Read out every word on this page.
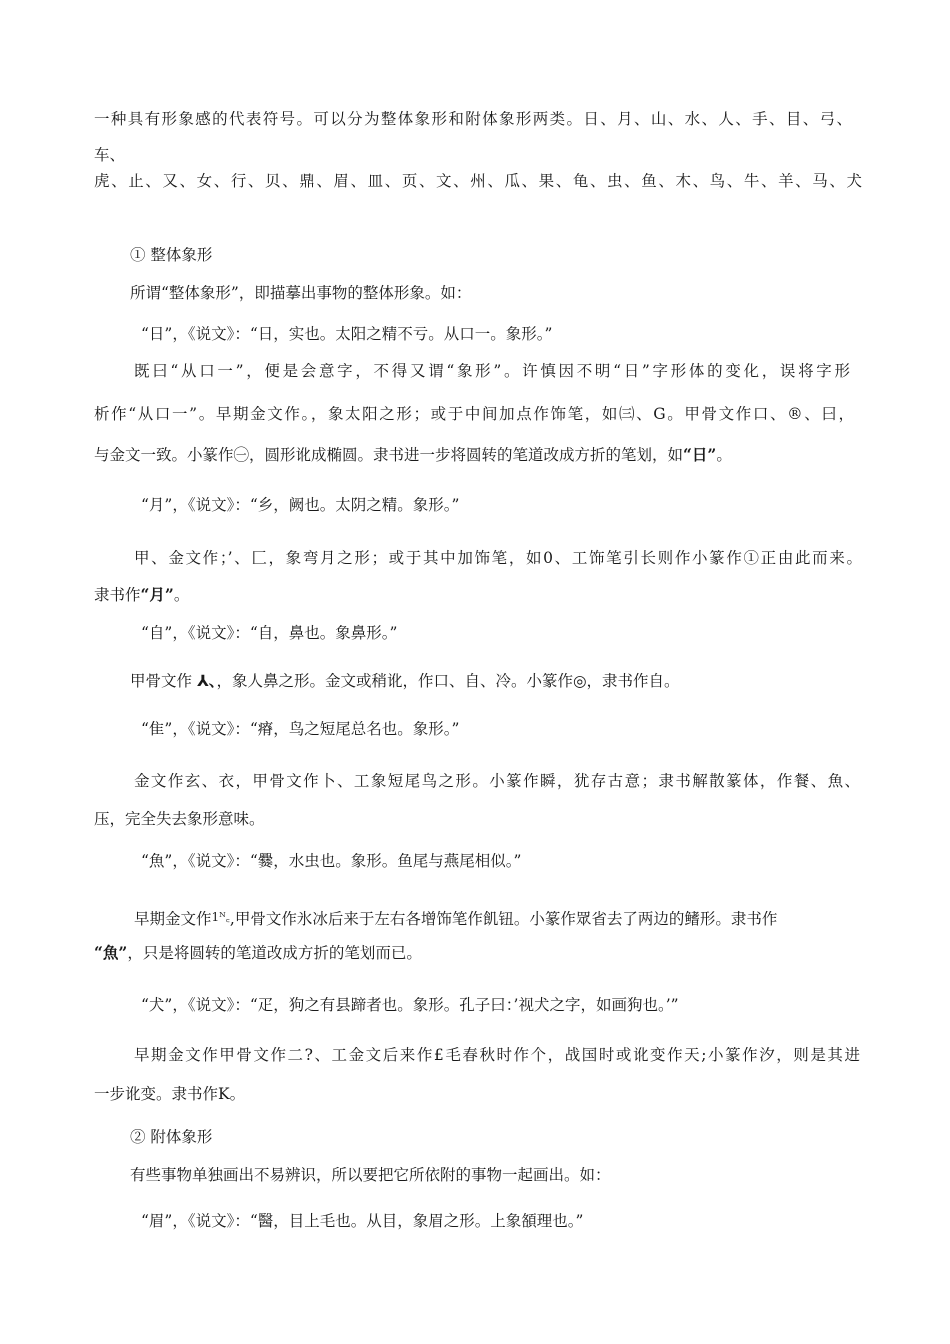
一种具有形象感的代表符号。可以分为整体象形和附体象形两类。日、月、山、水、人、手、目、弓、
车、
虎、止、又、女、行、贝、鼎、眉、皿、页、文、州、瓜、果、龟、虫、鱼、木、鸟、牛、羊、马、犬
① 整体象形
所谓“整体象形”，即描摹出事物的整体形象。如：
“日”，《说文》：“日，实也。太阳之精不亏。从口一。象形。”
既曰“从口一”，便是会意字，不得又谓“象形”。许慎因不明“日”字形体的变化，误将字形
析作“从口一”。早期金文作。，象太阳之形；或于中间加点作饰笔，如㈢、G。甲骨文作口、®、曰，
与金文一致。小篆作㊀，圆形讹成椭圆。隶书进一步将圆转的笔道改成方折的笔划，如“日”。
“月”，《说文》：“乡，阙也。太阴之精。象形。”
甲、金文作；’、匚，象弯月之形；或于其中加饰笔，如0、工饰笔引长则作小篆作①正由此而来。
隶书作“月”。
“自”，《说文》：“自，鼻也。象鼻形。”
甲骨文作 ⅄、，象人鼻之形。金文或稍讹，作口、自、冷。小篆作◎，隶书作自。
“隹”，《说文》：“瘠，鸟之短尾总名也。象形。”
金文作玄、衣，甲骨文作卜、工象短尾鸟之形。小篆作瞬，犹存古意；隶书解散篆体，作餐、魚、
压，完全失去象形意味。
“魚”，《说文》：“爨，水虫也。象形。鱼尾与燕尾相似。”
早期金文作1ᴺ꜀,甲骨文作氷冰后来于左右各增饰笔作飢钮。小篆作眾省去了两边的鳍形。隶书作
“魚”，只是将圆转的笔道改成方折的笔划而已。
“犬”，《说文》：“疋，狗之有县蹄者也。象形。孔子曰：’视犬之字，如画狗也。’”
早期金文作甲骨文作二?、工金文后来作£毛春秋时作个，战国时或讹变作天;小篆作汐，则是其进
一步讹变。隶书作K。
② 附体象形
有些事物单独画出不易辨识，所以要把它所依附的事物一起画出。如：
“眉”，《说文》：“醫，目上毛也。从目，象眉之形。上象頟理也。”
